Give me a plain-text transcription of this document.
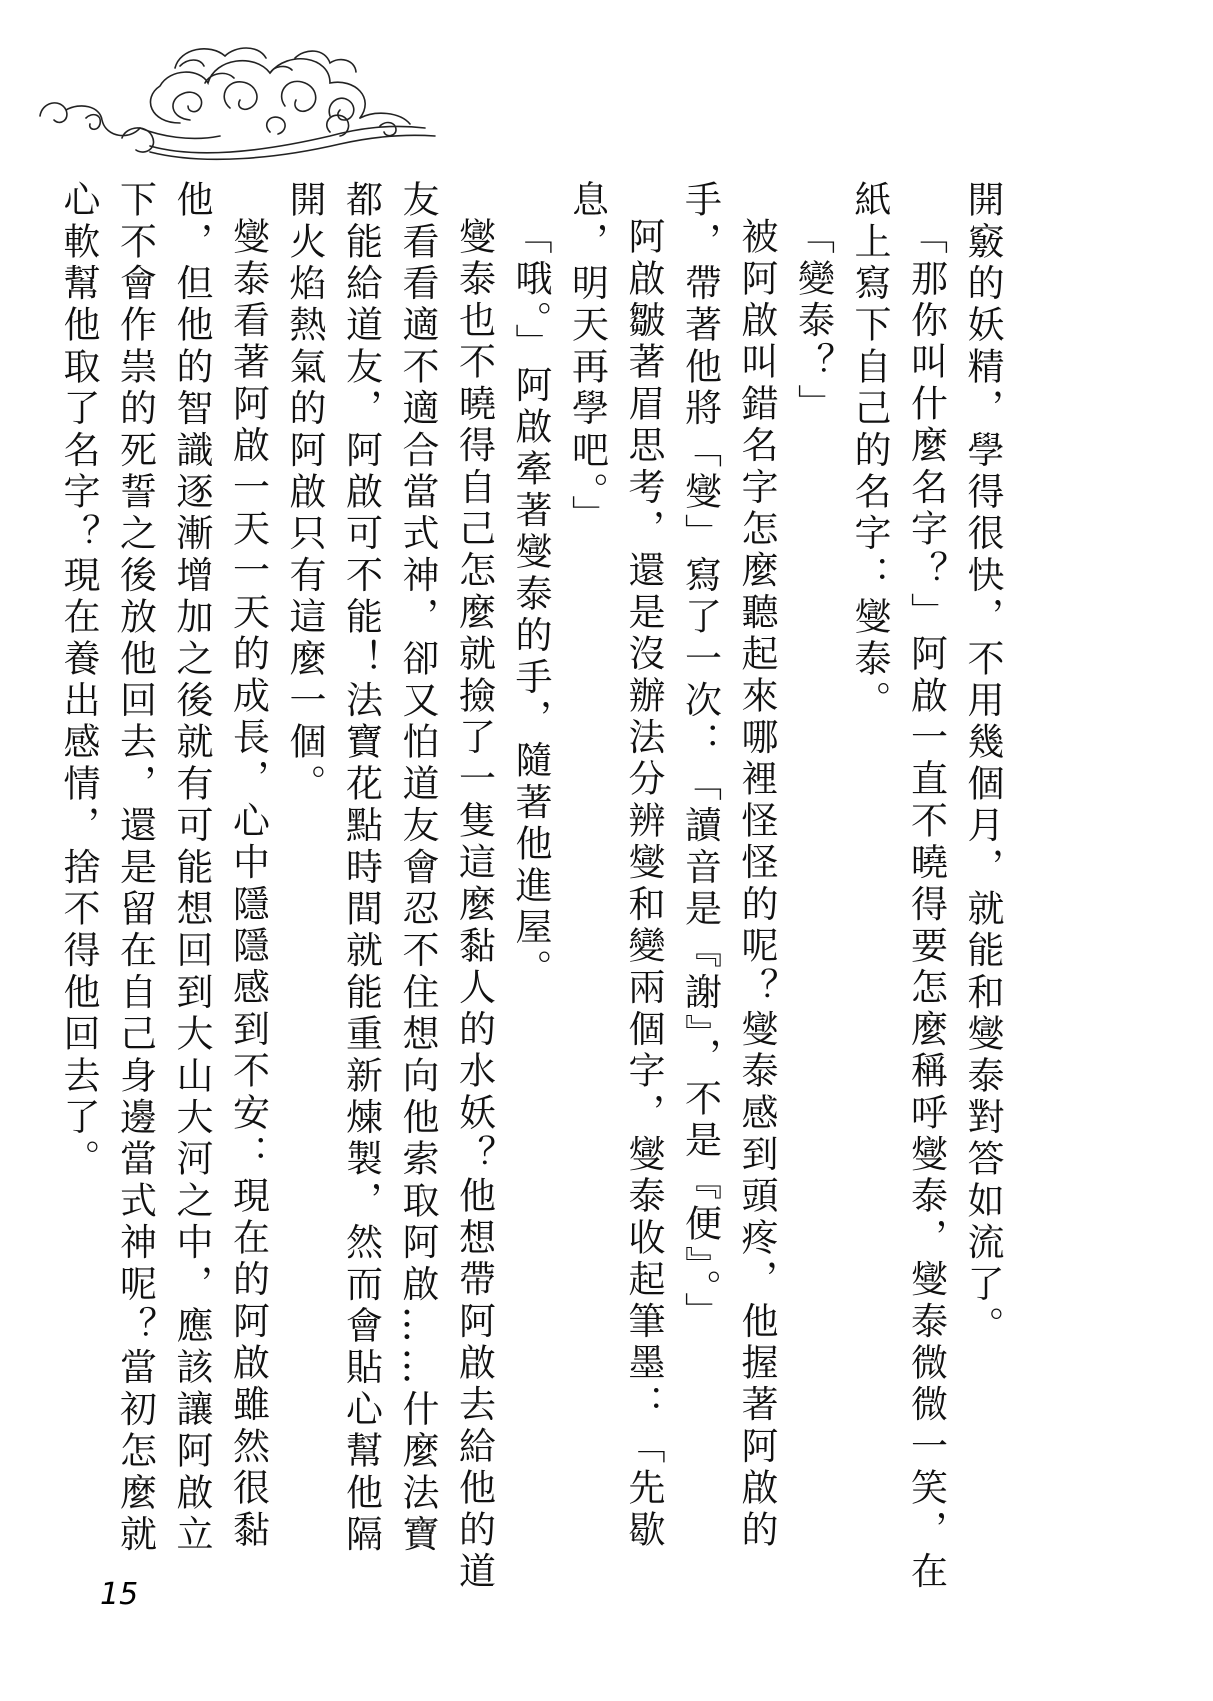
開竅的妖精，學得很快，不用幾個月，就能和燮泰對答如流了。

「那你叫什麼名字？」阿啟一直不曉得要怎麼稱呼燮泰，燮泰微微一笑，在紙上寫下自己的名字：燮泰。

「變泰？」

被阿啟叫錯名字怎麼聽起來哪裡怪怪的呢？燮泰感到頭疼，他握著阿啟的手，帶著他將「燮」寫了一次：「讀音是『謝』，不是『便』。」

阿啟皺著眉思考，還是沒辦法分辨燮和變兩個字，燮泰收起筆墨：「先歇息，明天再學吧。」

「哦。」阿啟牽著燮泰的手，隨著他進屋。

燮泰也不曉得自己怎麼就撿了一隻這麼黏人的水妖？他想帶阿啟去給他的道友看看適不適合當式神，卻又怕道友會忍不住想向他索取阿啟……什麼法寶都能給道友，阿啟可不能！法寶花點時間就能重新煉製，然而會貼心幫他隔開火焰熱氣的阿啟只有這麼一個。

燮泰看著阿啟一天一天的成長，心中隱隱感到不安：現在的阿啟雖然很黏他，但他的智識逐漸增加之後就有可能想回到大山大河之中，應該讓阿啟立下不會作祟的死誓之後放他回去，還是留在自己身邊當式神呢？當初怎麼就心軟幫他取了名字？現在養出感情，捨不得他回去了。

15
